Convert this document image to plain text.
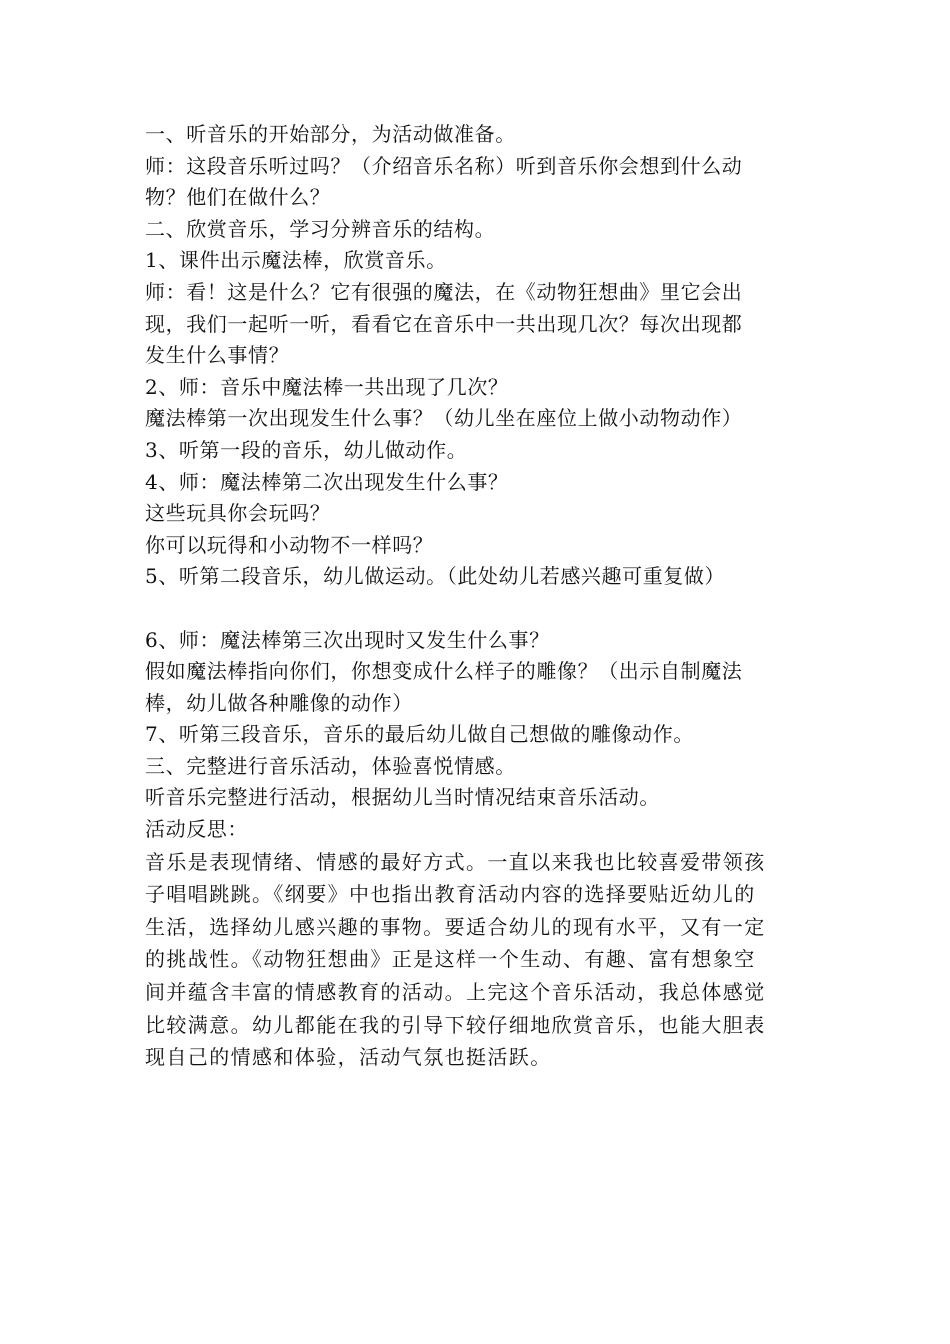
一、听音乐的开始部分，为活动做准备。
师：这段音乐听过吗？（介绍音乐名称）听到音乐你会想到什么动
物？他们在做什么？
二、欣赏音乐，学习分辨音乐的结构。
1、课件出示魔法棒，欣赏音乐。
师：看！这是什么？它有很强的魔法，在《动物狂想曲》里它会出
现，我们一起听一听，看看它在音乐中一共出现几次？每次出现都
发生什么事情？
2、师：音乐中魔法棒一共出现了几次？
魔法棒第一次出现发生什么事？（幼儿坐在座位上做小动物动作）
3、听第一段的音乐，幼儿做动作。
4、师：魔法棒第二次出现发生什么事？
这些玩具你会玩吗？
你可以玩得和小动物不一样吗？
5、听第二段音乐，幼儿做运动。（此处幼儿若感兴趣可重复做）
6、师：魔法棒第三次出现时又发生什么事？
假如魔法棒指向你们，你想变成什么样子的雕像？（出示自制魔法
棒，幼儿做各种雕像的动作）
7、听第三段音乐，音乐的最后幼儿做自己想做的雕像动作。
三、完整进行音乐活动，体验喜悦情感。
听音乐完整进行活动，根据幼儿当时情况结束音乐活动。
活动反思：
音乐是表现情绪、情感的最好方式。一直以来我也比较喜爱带领孩
子唱唱跳跳。《纲要》中也指出教育活动内容的选择要贴近幼儿的
生活，选择幼儿感兴趣的事物。要适合幼儿的现有水平，又有一定
的挑战性。《动物狂想曲》正是这样一个生动、有趣、富有想象空
间并蕴含丰富的情感教育的活动。上完这个音乐活动，我总体感觉
比较满意。幼儿都能在我的引导下较仔细地欣赏音乐，也能大胆表
现自己的情感和体验，活动气氛也挺活跃。
